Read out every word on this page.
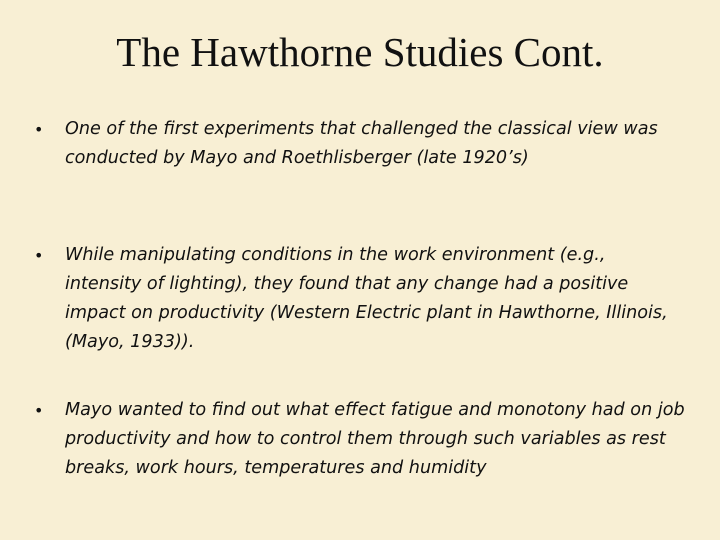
The Hawthorne Studies Cont.
•	One of the first experiments that challenged the classical view was conducted by Mayo and Roethlisberger (late 1920’s)
•	While manipulating conditions in the work environment (e.g., intensity of lighting), they found that any change had a positive impact on productivity (Western Electric plant in Hawthorne, Illinois, (Mayo, 1933)).
•	Mayo wanted to find out what effect fatigue and monotony had on job productivity and how to control them through such variables as rest breaks, work hours, temperatures and humidity
